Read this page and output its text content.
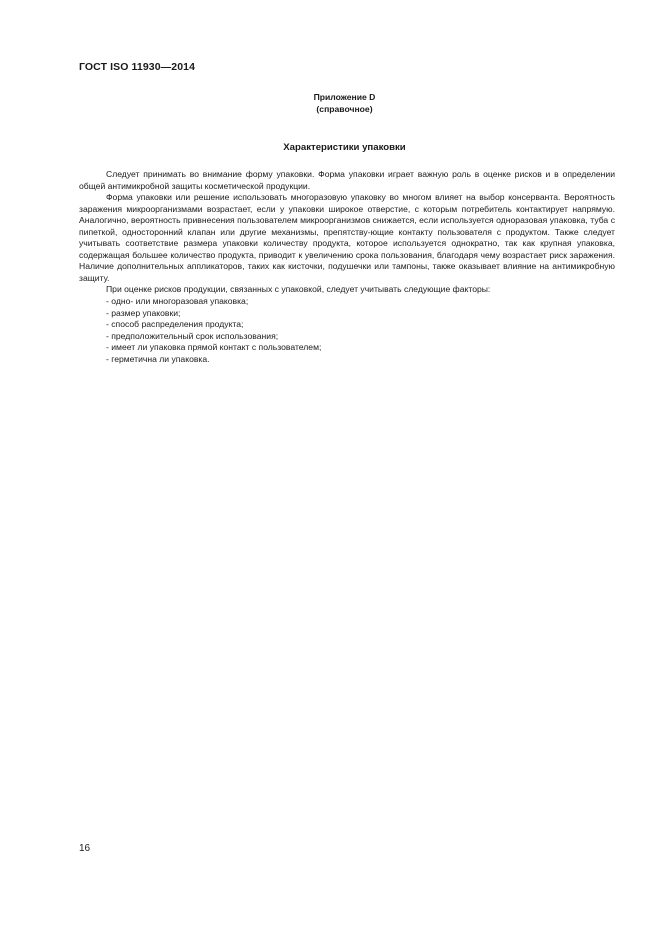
ГОСТ ISO 11930—2014
Приложение D
(справочное)
Характеристики упаковки

Следует принимать во внимание форму упаковки. Форма упаковки играет важную роль в оценке рисков и в определении общей антимикробной защиты косметической продукции.

Форма упаковки или решение использовать многоразовую упаковку во многом влияет на выбор консерванта. Вероятность заражения микроорганизмами возрастает, если у упаковки широкое отверстие, с которым потребитель контактирует напрямую. Аналогично, вероятность привнесения пользователем микроорганизмов снижается, если используется одноразовая упаковка, туба с пипеткой, односторонний клапан или другие механизмы, препятству-ющие контакту пользователя с продуктом. Также следует учитывать соответствие размера упаковки количеству продукта, которое используется однократно, так как крупная упаковка, содержащая большее количество продукта, приводит к увеличению срока пользования, благодаря чему возрастает риск заражения. Наличие дополнительных аппликаторов, таких как кисточки, подушечки или тампоны, также оказывает влияние на антимикробную защиту.

При оценке рисков продукции, связанных с упаковкой, следует учитывать следующие факторы:

- одно- или многоразовая упаковка;
- размер упаковки;
- способ распределения продукта;
- предположительный срок использования;
- имеет ли упаковка прямой контакт с пользователем;
- герметична ли упаковка.
16
